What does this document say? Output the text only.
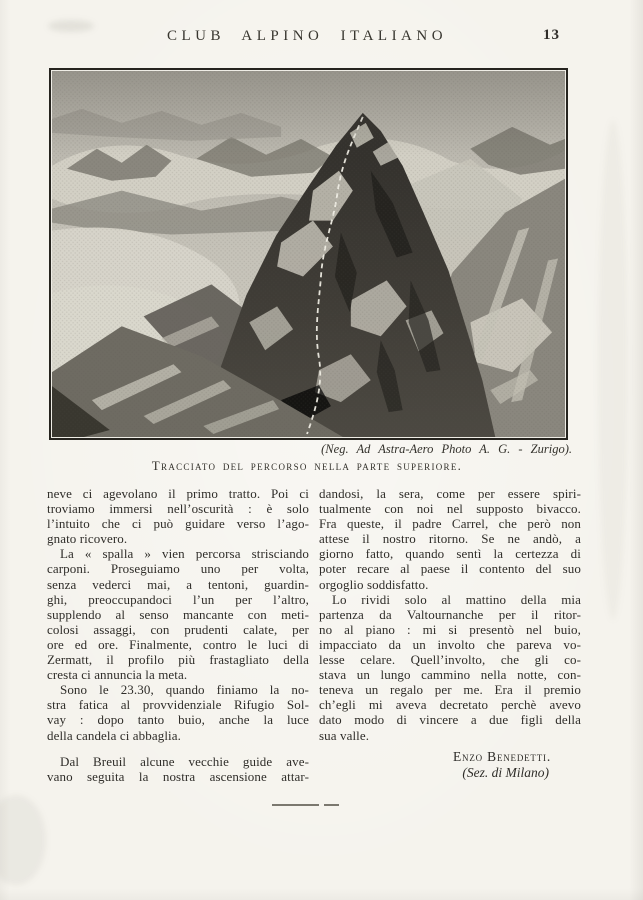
CLUB ALPINO ITALIANO	13
(Neg. Ad Astra-Aero Photo A. G. - Zurigo).
Tracciato del percorso nella parte superiore.
neve ci agevolano il primo tratto. Poi ci
troviamo immersi nell’oscurità : è solo
l’intuito che ci può guidare verso l’ago-
gnato ricovero.
La « spalla » vien percorsa strisciando
carponi. Proseguiamo uno per volta,
senza vederci mai, a tentoni, guardin-
ghi, preoccupandoci l’un per l’altro,
supplendo al senso mancante con meti-
colosi assaggi, con prudenti calate, per
ore ed ore. Finalmente, contro le luci di
Zermatt, il profilo più frastagliato della
cresta ci annuncia la meta.
Sono le 23.30, quando finiamo la no-
stra fatica al provvidenziale Rifugio Sol-
vay : dopo tanto buio, anche la luce
della candela ci abbaglia.
Dal Breuil alcune vecchie guide ave-
vano seguita la nostra ascensione attar-
dandosi, la sera, come per essere spiri-
tualmente con noi nel supposto bivacco.
Fra queste, il padre Carrel, che però non
attese il nostro ritorno. Se ne andò, a
giorno fatto, quando sentì la certezza di
poter recare al paese il contento del suo
orgoglio soddisfatto.
Lo rividi solo al mattino della mia
partenza da Valtournanche per il ritor-
no al piano : mi si presentò nel buio,
impacciato da un involto che pareva vo-
lesse celare. Quell’involto, che gli co-
stava un lungo cammino nella notte, con-
teneva un regalo per me. Era il premio
ch’egli mi aveva decretato perchè avevo
dato modo di vincere a due figli della
sua valle.
Enzo Benedetti.
(Sez. di Milano)
